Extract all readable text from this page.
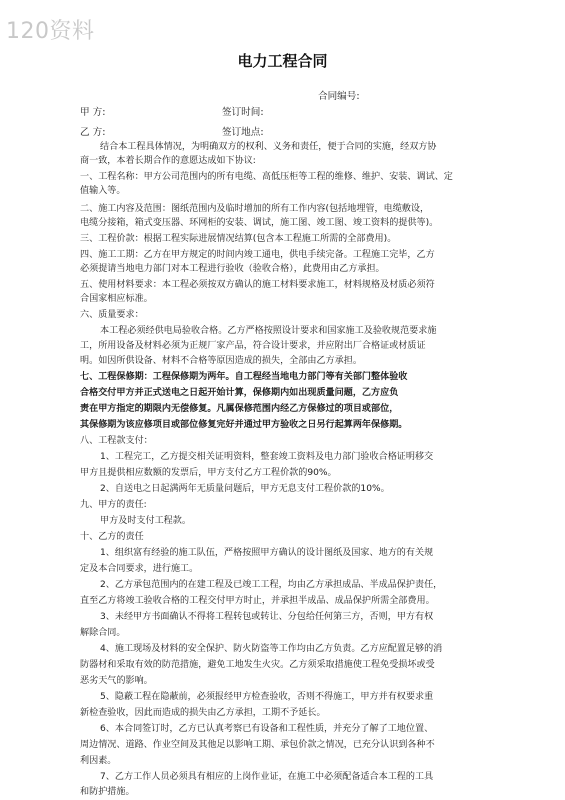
120资料
电力工程合同
合同编号:
甲 方:	签订时间:
乙 方:	签订地点:
结合本工程具体情况，为明确双方的权利、义务和责任，便于合同的实施，经双方协
商一致，本着长期合作的意愿达成如下协议:
一、工程名称：甲方公司范围内的所有电缆、高低压柜等工程的维修、维护、安装、调试、定
值输入等。
二、施工内容及范围：图纸范围内及临时增加的所有工作内容(包括地埋管，电缆敷设，
电缆分接箱，箱式变压器、环网柜的安装、调试，施工图、竣工图、竣工资料的提供等)。
三、工程价款：根据工程实际进展情况结算(包含本工程施工所需的全部费用)。
四、施工工期：乙方在甲方规定的时间内竣工通电，供电手续完备。工程施工完毕，乙方
必须提请当地电力部门对本工程进行验收（验收合格），此费用由乙方承担。
五、使用材料要求：本工程必须按双方确认的施工材料要求施工，材料规格及材质必须符
合国家相应标准。
六、质量要求：
本工程必须经供电局验收合格。乙方严格按照设计要求和国家施工及验收规范要求施
工，所用设备及材料必须为正规厂家产品，符合设计要求，并应附出厂合格证或材质证
明。如因所供设备、材料不合格等原因造成的损失，全部由乙方承担。
七、工程保修期：工程保修期为两年。自工程经当地电力部门等有关部门整体验收
合格交付甲方并正式送电之日起开始计算，保修期内如出现质量问题，乙方应负
责在甲方指定的期限内无偿修复。凡属保修范围内经乙方保修过的项目或部位，
其保修期为该应修项目或部位修复完好并通过甲方验收之日另行起算两年保修期。
八、工程款支付：
1、工程完工，乙方提交相关证明资料，整套竣工资料及电力部门验收合格证明移交
甲方且提供相应数额的发票后，甲方支付乙方工程价款的90%。
2、自送电之日起满两年无质量问题后，甲方无息支付工程价款的10%。
九、甲方的责任:
甲方及时支付工程款。
十、乙方的责任
1、组织富有经验的施工队伍，严格按照甲方确认的设计图纸及国家、地方的有关规
定及本合同要求，进行施工。
2、乙方承包范围内的在建工程及已竣工工程，均由乙方承担成品、半成品保护责任，
直至乙方将竣工验收合格的工程交付甲方时止，并承担半成品、成品保护所需全部费用。
3、未经甲方书面确认不得将工程转包或转让、分包给任何第三方，否则，甲方有权
解除合同。
4、施工现场及材料的安全保护、防火防盗等工作均由乙方负责。乙方应配置足够的消
防器材和采取有效的防范措施，避免工地发生火灾。乙方须采取措施使工程免受损坏或受
恶劣天气的影响。
5、隐蔽工程在隐蔽前，必须报经甲方检查验收，否则不得施工，甲方并有权要求重
新检查验收，因此而造成的损失由乙方承担，工期不予延长。
6、本合同签订时，乙方已认真考察已有设备和工程性质，并充分了解了工地位置、
周边情况、道路、作业空间及其他足以影响工期、承包价款之情况，已充分认识到各种不
利因素。
7、乙方工作人员必须具有相应的上岗作业证，在施工中必须配备适合本工程的工具
和防护措施。
